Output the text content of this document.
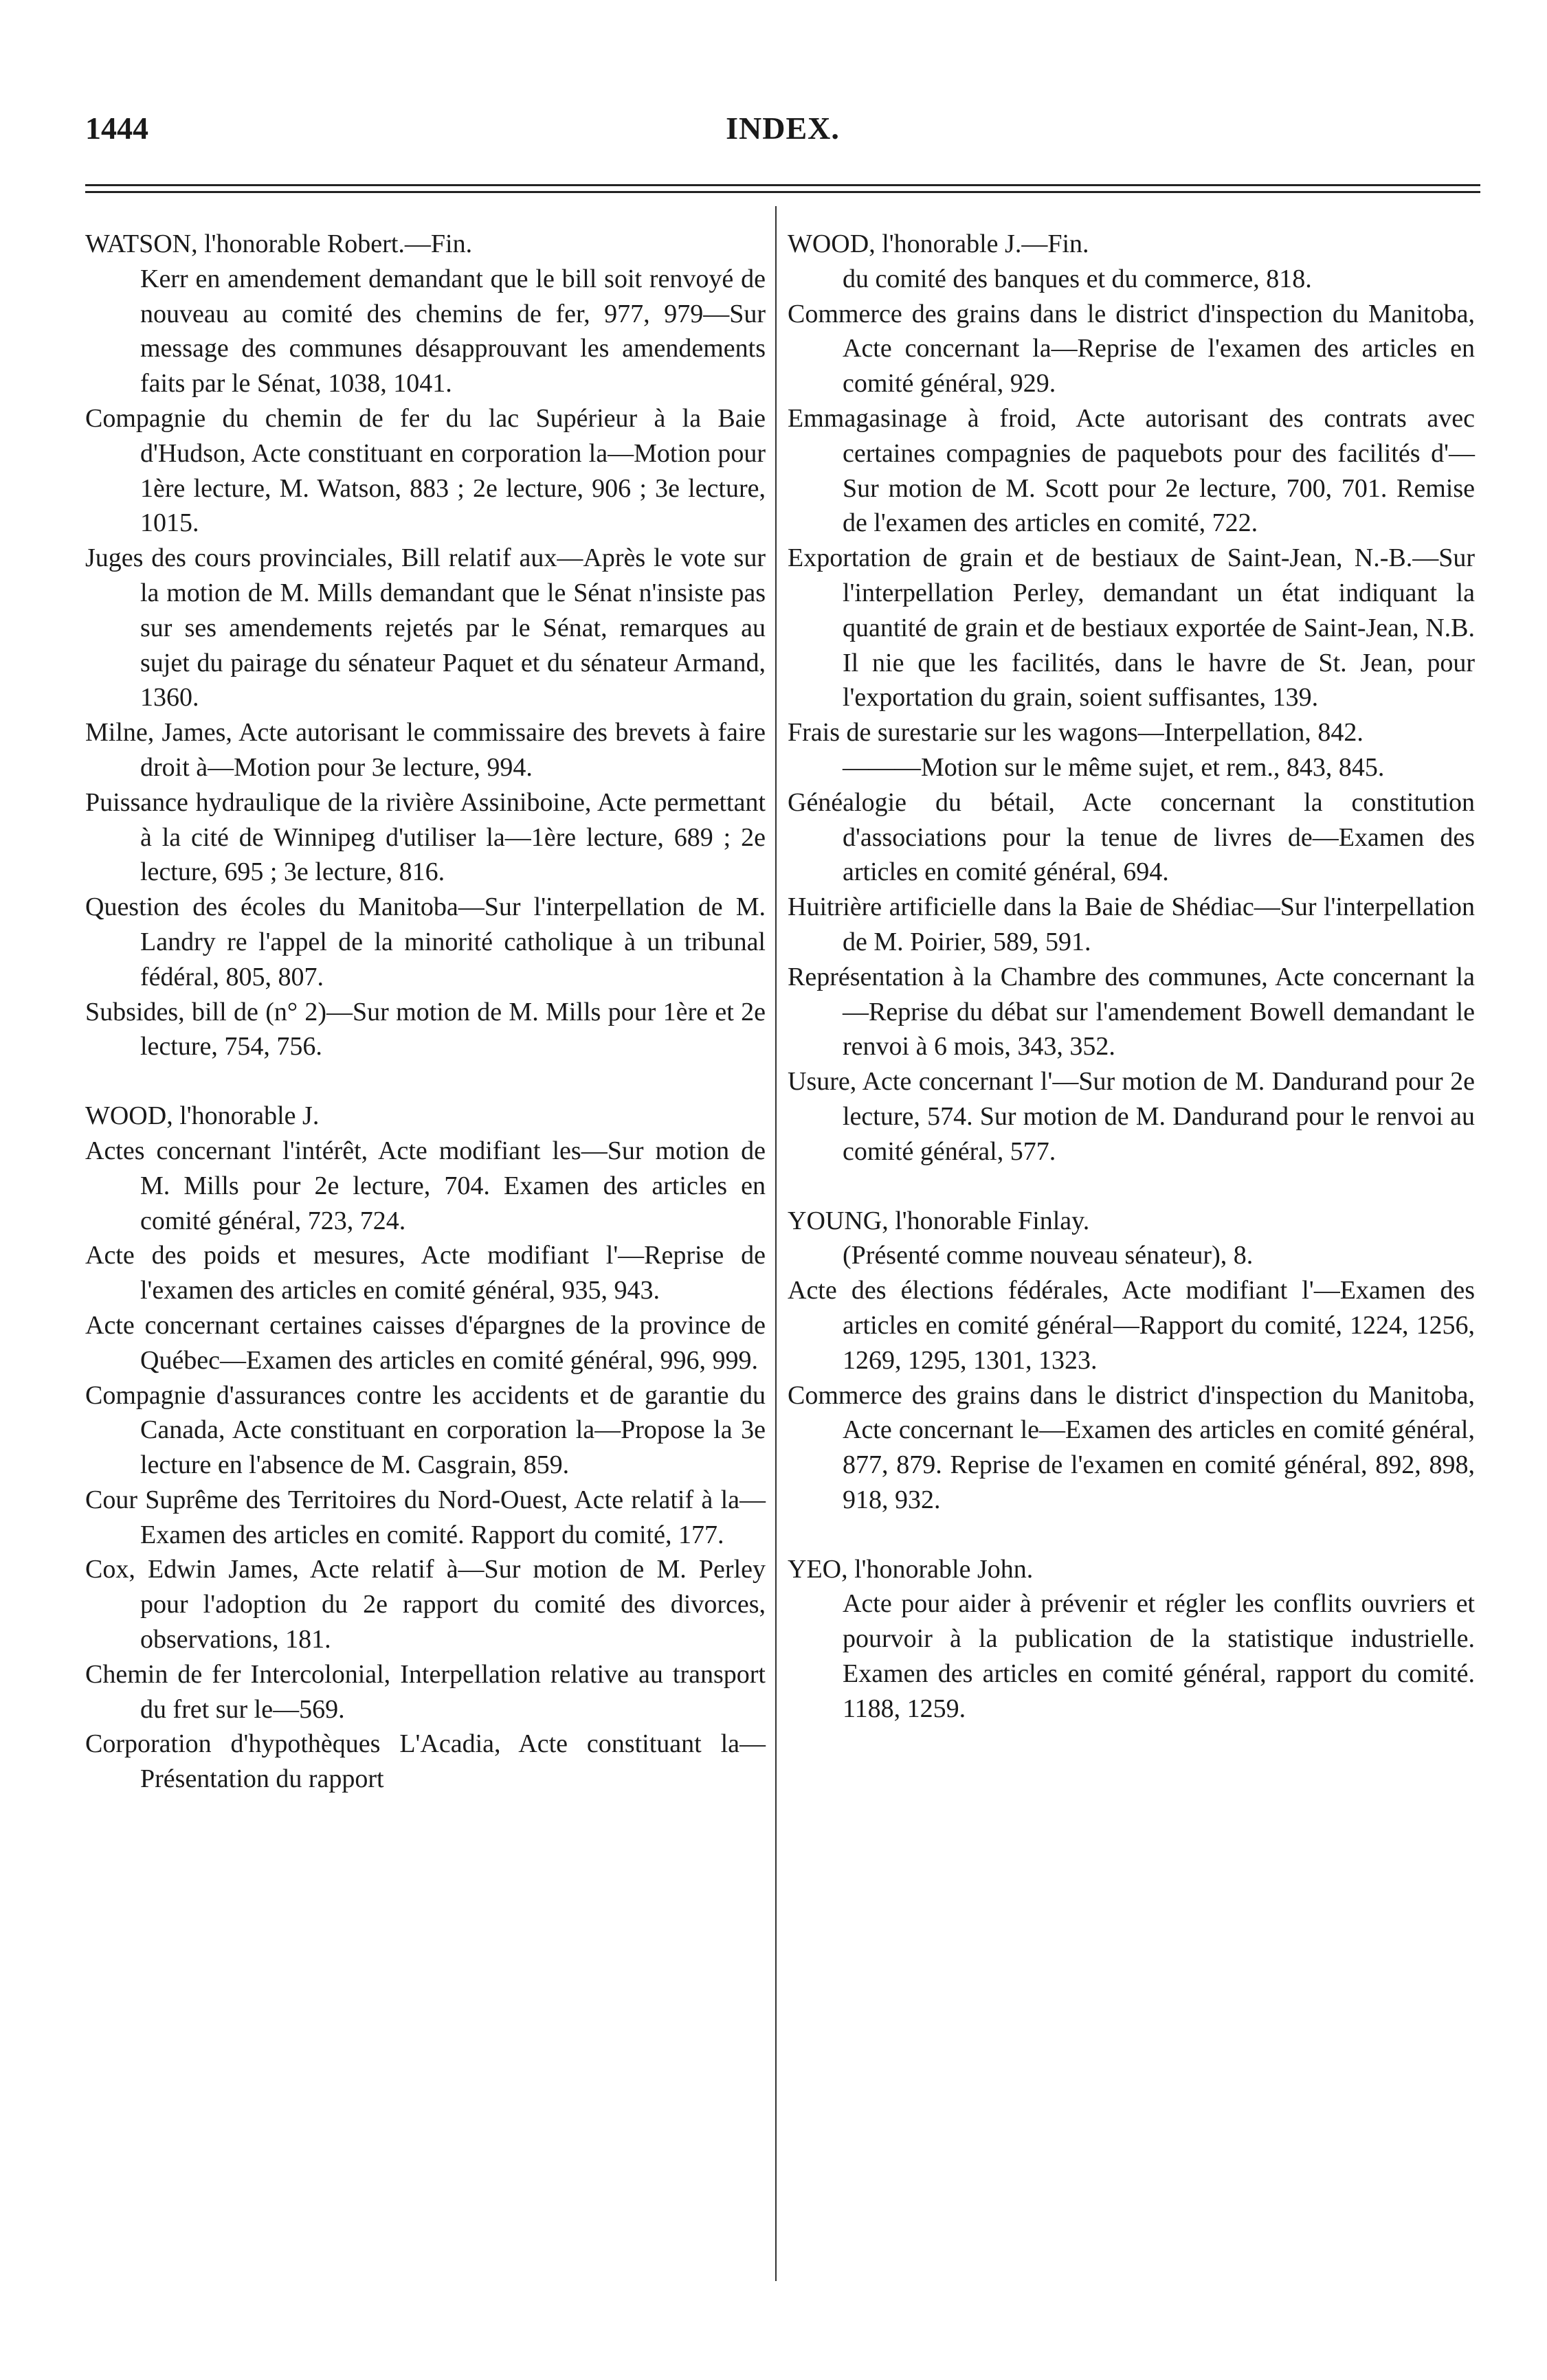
1444	INDEX.

WATSON, l'honorable Robert.—Fin.

Kerr en amendement demandant que le bill soit renvoyé de nouveau au comité des chemins de fer, 977, 979—Sur message des communes désapprouvant les amendements faits par le Sénat, 1038, 1041.

Compagnie du chemin de fer du lac Supérieur à la Baie d'Hudson, Acte constituant en corporation la—Motion pour 1ère lecture, M. Watson, 883 ; 2e lecture, 906 ; 3e lecture, 1015.

Juges des cours provinciales, Bill relatif aux—Après le vote sur la motion de M. Mills demandant que le Sénat n'insiste pas sur ses amendements rejetés par le Sénat, remarques au sujet du pairage du sénateur Paquet et du sénateur Armand, 1360.

Milne, James, Acte autorisant le commissaire des brevets à faire droit à—Motion pour 3e lecture, 994.

Puissance hydraulique de la rivière Assiniboine, Acte permettant à la cité de Winnipeg d'utiliser la—1ère lecture, 689 ; 2e lecture, 695 ; 3e lecture, 816.

Question des écoles du Manitoba—Sur l'interpellation de M. Landry re l'appel de la minorité catholique à un tribunal fédéral, 805, 807.

Subsides, bill de (n° 2)—Sur motion de M. Mills pour 1ère et 2e lecture, 754, 756.

WOOD, l'honorable J.

Actes concernant l'intérêt, Acte modifiant les—Sur motion de M. Mills pour 2e lecture, 704. Examen des articles en comité général, 723, 724.

Acte des poids et mesures, Acte modifiant l'—Reprise de l'examen des articles en comité général, 935, 943.

Acte concernant certaines caisses d'épargnes de la province de Québec—Examen des articles en comité général, 996, 999.

Compagnie d'assurances contre les accidents et de garantie du Canada, Acte constituant en corporation la—Propose la 3e lecture en l'absence de M. Casgrain, 859.

Cour Suprême des Territoires du Nord-Ouest, Acte relatif à la—Examen des articles en comité. Rapport du comité, 177.

Cox, Edwin James, Acte relatif à—Sur motion de M. Perley pour l'adoption du 2e rapport du comité des divorces, observations, 181.

Chemin de fer Intercolonial, Interpellation relative au transport du fret sur le—569.

Corporation d'hypothèques L'Acadia, Acte constituant la—Présentation du rapport

WOOD, l'honorable J.—Fin.

du comité des banques et du commerce, 818.

Commerce des grains dans le district d'inspection du Manitoba, Acte concernant la—Reprise de l'examen des articles en comité général, 929.

Emmagasinage à froid, Acte autorisant des contrats avec certaines compagnies de paquebots pour des facilités d'—Sur motion de M. Scott pour 2e lecture, 700, 701. Remise de l'examen des articles en comité, 722.

Exportation de grain et de bestiaux de Saint-Jean, N.-B.—Sur l'interpellation Perley, demandant un état indiquant la quantité de grain et de bestiaux exportée de Saint-Jean, N.B. Il nie que les facilités, dans le havre de St. Jean, pour l'exportation du grain, soient suffisantes, 139.

Frais de surestarie sur les wagons—Interpellation, 842.

———Motion sur le même sujet, et rem., 843, 845.

Généalogie du bétail, Acte concernant la constitution d'associations pour la tenue de livres de—Examen des articles en comité général, 694.

Huitrière artificielle dans la Baie de Shédiac—Sur l'interpellation de M. Poirier, 589, 591.

Représentation à la Chambre des communes, Acte concernant la—Reprise du débat sur l'amendement Bowell demandant le renvoi à 6 mois, 343, 352.

Usure, Acte concernant l'—Sur motion de M. Dandurand pour 2e lecture, 574. Sur motion de M. Dandurand pour le renvoi au comité général, 577.

YOUNG, l'honorable Finlay.

(Présenté comme nouveau sénateur), 8.

Acte des élections fédérales, Acte modifiant l'—Examen des articles en comité général—Rapport du comité, 1224, 1256, 1269, 1295, 1301, 1323.

Commerce des grains dans le district d'inspection du Manitoba, Acte concernant le—Examen des articles en comité général, 877, 879. Reprise de l'examen en comité général, 892, 898, 918, 932.

YEO, l'honorable John.

Acte pour aider à prévenir et régler les conflits ouvriers et pourvoir à la publication de la statistique industrielle. Examen des articles en comité général, rapport du comité. 1188, 1259.
